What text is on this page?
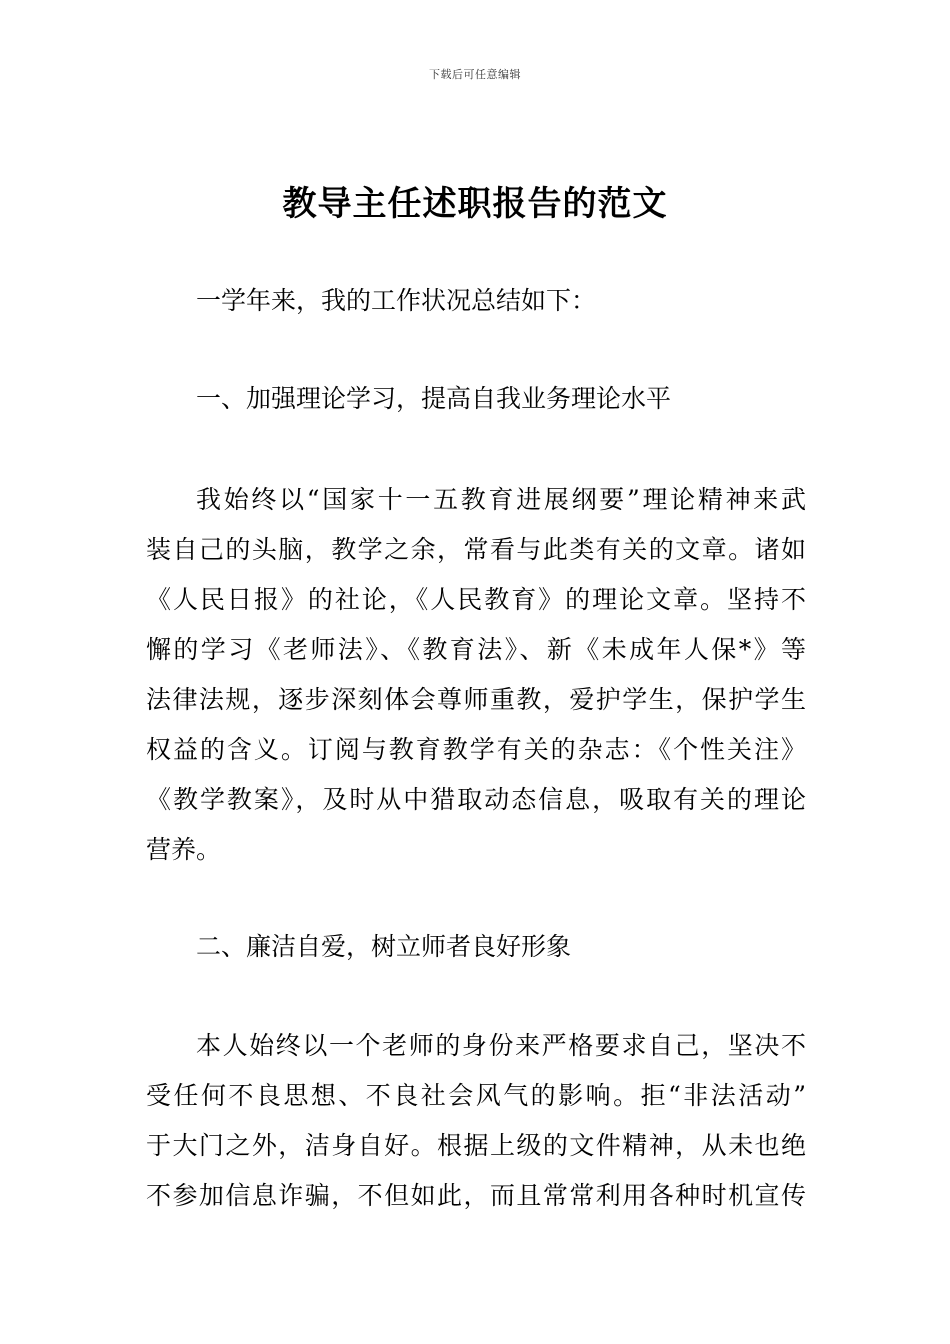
下载后可任意编辑
教导主任述职报告的范文
一学年来，我的工作状况总结如下：
一、加强理论学习，提高自我业务理论水平
我始终以“国家十一五教育进展纲要”理论精神来武
装自己的头脑，教学之余，常看与此类有关的文章。诸如
《人民日报》的社论，《人民教育》的理论文章。坚持不
懈的学习《老师法》、《教育法》、新《未成年人保*》等
法律法规，逐步深刻体会尊师重教，爱护学生，保护学生
权益的含义。订阅与教育教学有关的杂志：《个性关注》
《教学教案》，及时从中猎取动态信息，吸取有关的理论
营养。
二、廉洁自爱，树立师者良好形象
本人始终以一个老师的身份来严格要求自己，坚决不
受任何不良思想、不良社会风气的影响。拒“非法活动”
于大门之外，洁身自好。根据上级的文件精神，从未也绝
不参加信息诈骗，不但如此，而且常常利用各种时机宣传
